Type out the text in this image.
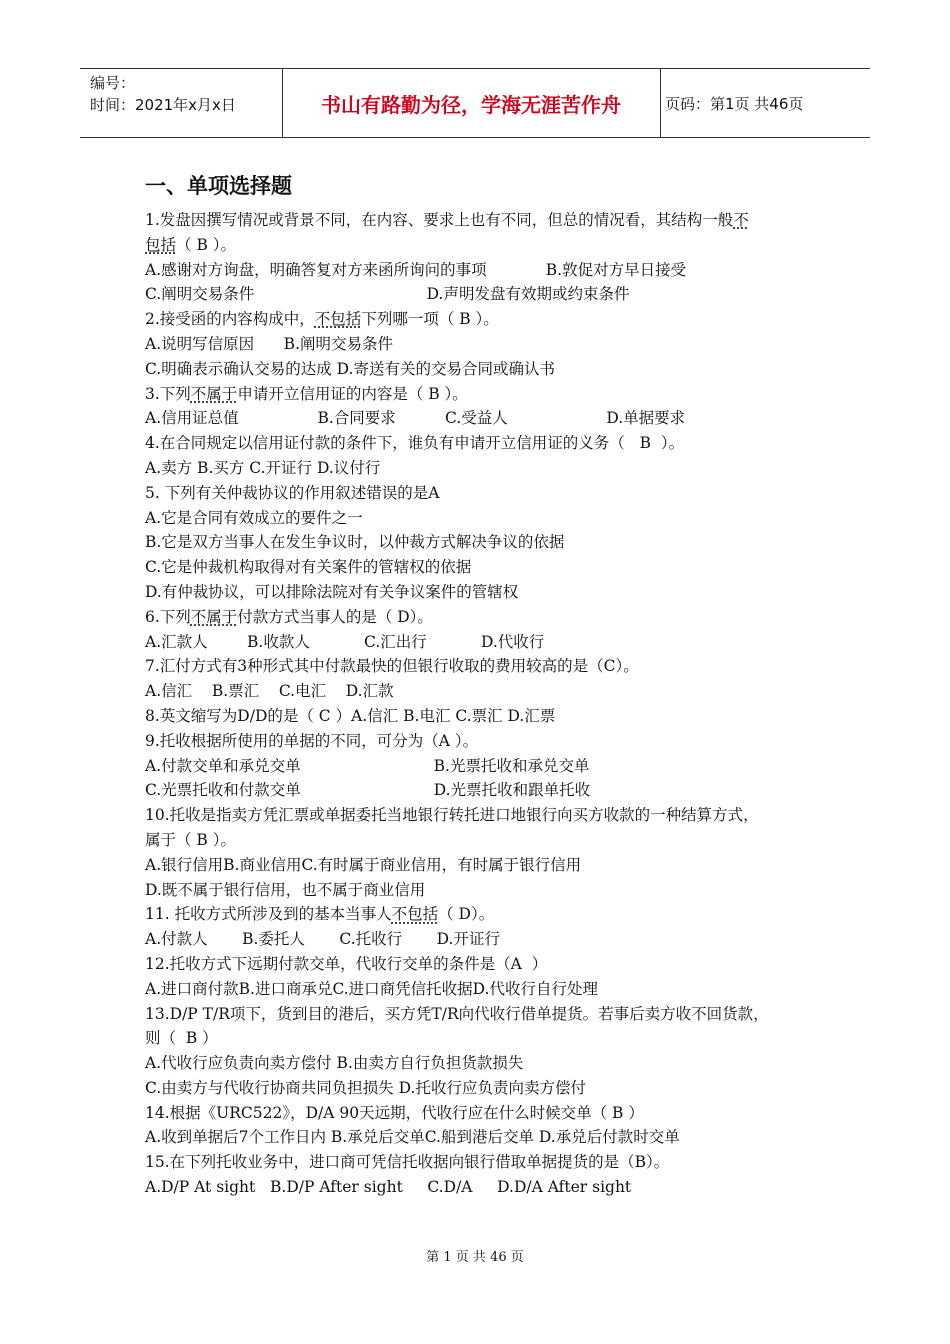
编号：
时间：2021年x月x日	书山有路勤为径，学海无涯苦作舟	页码：第1页 共46页
一、单项选择题
1.发盘因撰写情况或背景不同，在内容、要求上也有不同，但总的情况看，其结构一般不
包括（ B ）。
A.感谢对方询盘，明确答复对方来函所询问的事项            B.敦促对方早日接受
C.阐明交易条件                                   D.声明发盘有效期或约束条件
2.接受函的内容构成中，不包括下列哪一项（ B ）。
A.说明写信原因      B.阐明交易条件
C.明确表示确认交易的达成 D.寄送有关的交易合同或确认书
3.下列不属于申请开立信用证的内容是（ B ）。
A.信用证总值                B.合同要求          C.受益人                    D.单据要求
4.在合同规定以信用证付款的条件下，谁负有申请开立信用证的义务（   B  ）。
A.卖方 B.买方 C.开证行 D.议付行
5. 下列有关仲裁协议的作用叙述错误的是A
A.它是合同有效成立的要件之一
B.它是双方当事人在发生争议时，以仲裁方式解决争议的依据
C.它是仲裁机构取得对有关案件的管辖权的依据
D.有仲裁协议，可以排除法院对有关争议案件的管辖权
6.下列不属于付款方式当事人的是（ D）。
A.汇款人        B.收款人           C.汇出行           D.代收行
7.汇付方式有3种形式其中付款最快的但银行收取的费用较高的是（C）。
A.信汇    B.票汇    C.电汇    D.汇款
8.英文缩写为D/D的是（ C ）A.信汇 B.电汇 C.票汇 D.汇票
9.托收根据所使用的单据的不同，可分为（A ）。
A.付款交单和承兑交单                           B.光票托收和承兑交单
C.光票托收和付款交单                           D.光票托收和跟单托收
10.托收是指卖方凭汇票或单据委托当地银行转托进口地银行向买方收款的一种结算方式，
属于（ B ）。
A.银行信用B.商业信用C.有时属于商业信用，有时属于银行信用
D.既不属于银行信用，也不属于商业信用
11. 托收方式所涉及到的基本当事人不包括（ D）。
A.付款人       B.委托人       C.托收行       D.开证行
12.托收方式下远期付款交单，代收行交单的条件是（A  ）
A.进口商付款B.进口商承兑C.进口商凭信托收据D.代收行自行处理
13.D/P T/R项下，货到目的港后，买方凭T/R向代收行借单提货。若事后卖方收不回货款，
则（  B ）
A.代收行应负责向卖方偿付 B.由卖方自行负担货款损失
C.由卖方与代收行协商共同负担损失 D.托收行应负责向卖方偿付
14.根据《URC522》，D/A 90天远期，代收行应在什么时候交单（ B ）
A.收到单据后7个工作日内 B.承兑后交单C.船到港后交单 D.承兑后付款时交单
15.在下列托收业务中，进口商可凭信托收据向银行借取单据提货的是（B）。
A.D/P At sight   B.D/P After sight     C.D/A     D.D/A After sight
第 1 页 共 46 页
